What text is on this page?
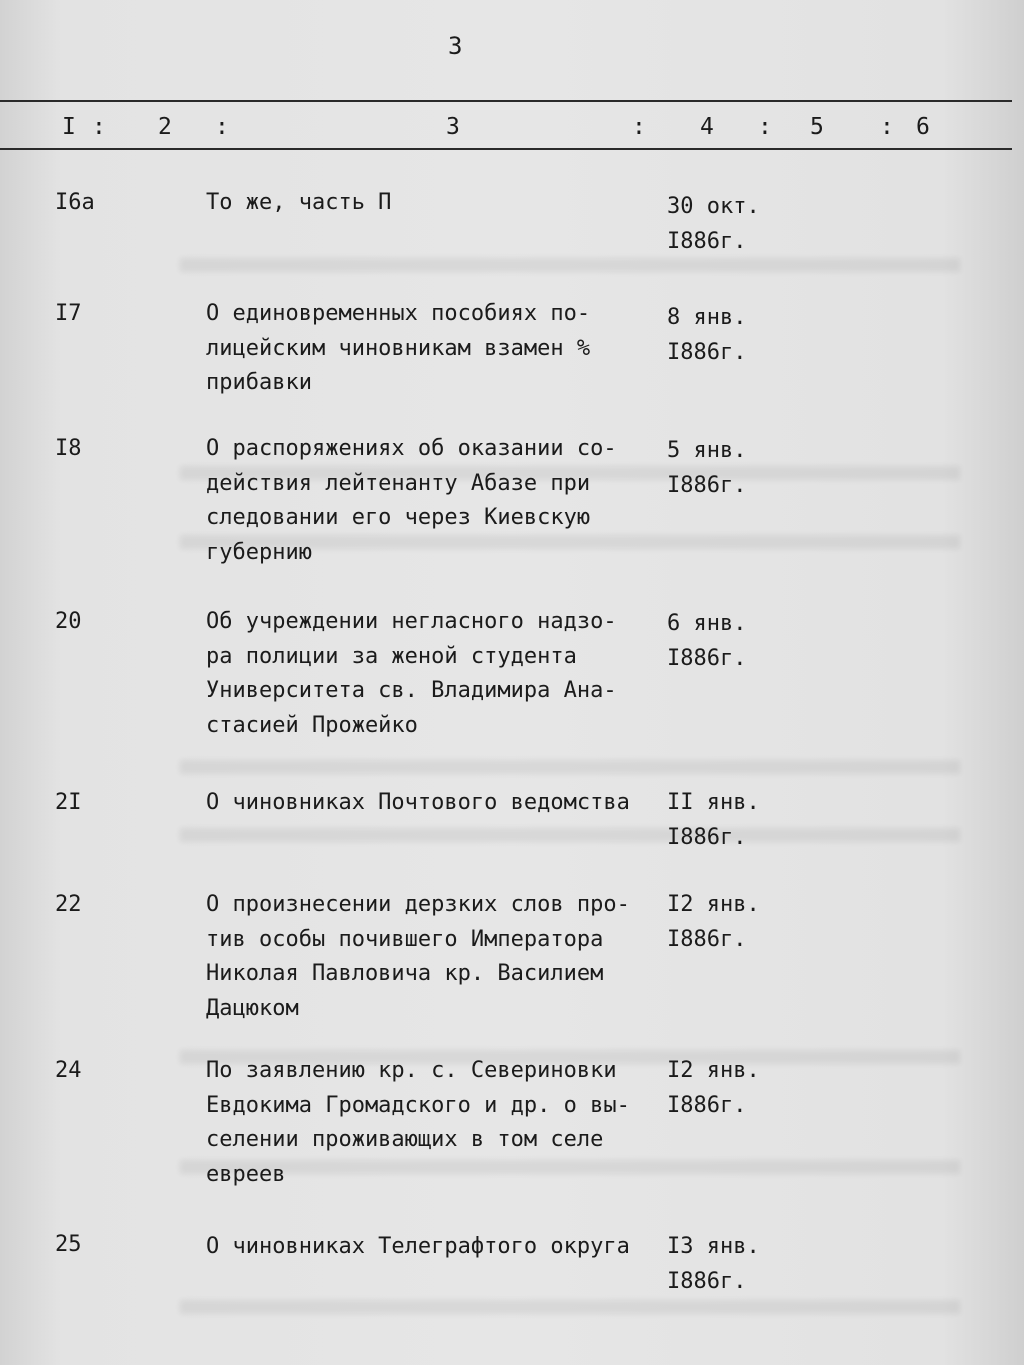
3
I : 2 :	3	: 4 : 5 : 6
I6а	То же, часть П	30 окт.
I886г.
I7	О единовременных пособиях по-
лицейским чиновникам взамен %
прибавки
8 янв.
I886г.
I8	О распоряжениях об оказании со-
действия лейтенанту Абазе при
следовании его через Киевскую
губернию
5 янв.
I886г.
20	Об учреждении негласного надзо-
ра полиции за женой студента
Университета св. Владимира Ана-
стасией Прожейко
6 янв.
I886г.
2I	О чиновниках Почтового ведомства II янв.
I886г.
22	О произнесении дерзких слов про-
тив особы почившего Императора
Николая Павловича кр. Василием
Дацюком
I2 янв.
I886г.
24	По заявлению кр. с. Севериновки
Евдокима Громадского и др. о вы-
селении проживающих в том селе
евреев
I2 янв.
I886г.
25	О чиновниках Телеграфтого округа I3 янв.
I886г.
